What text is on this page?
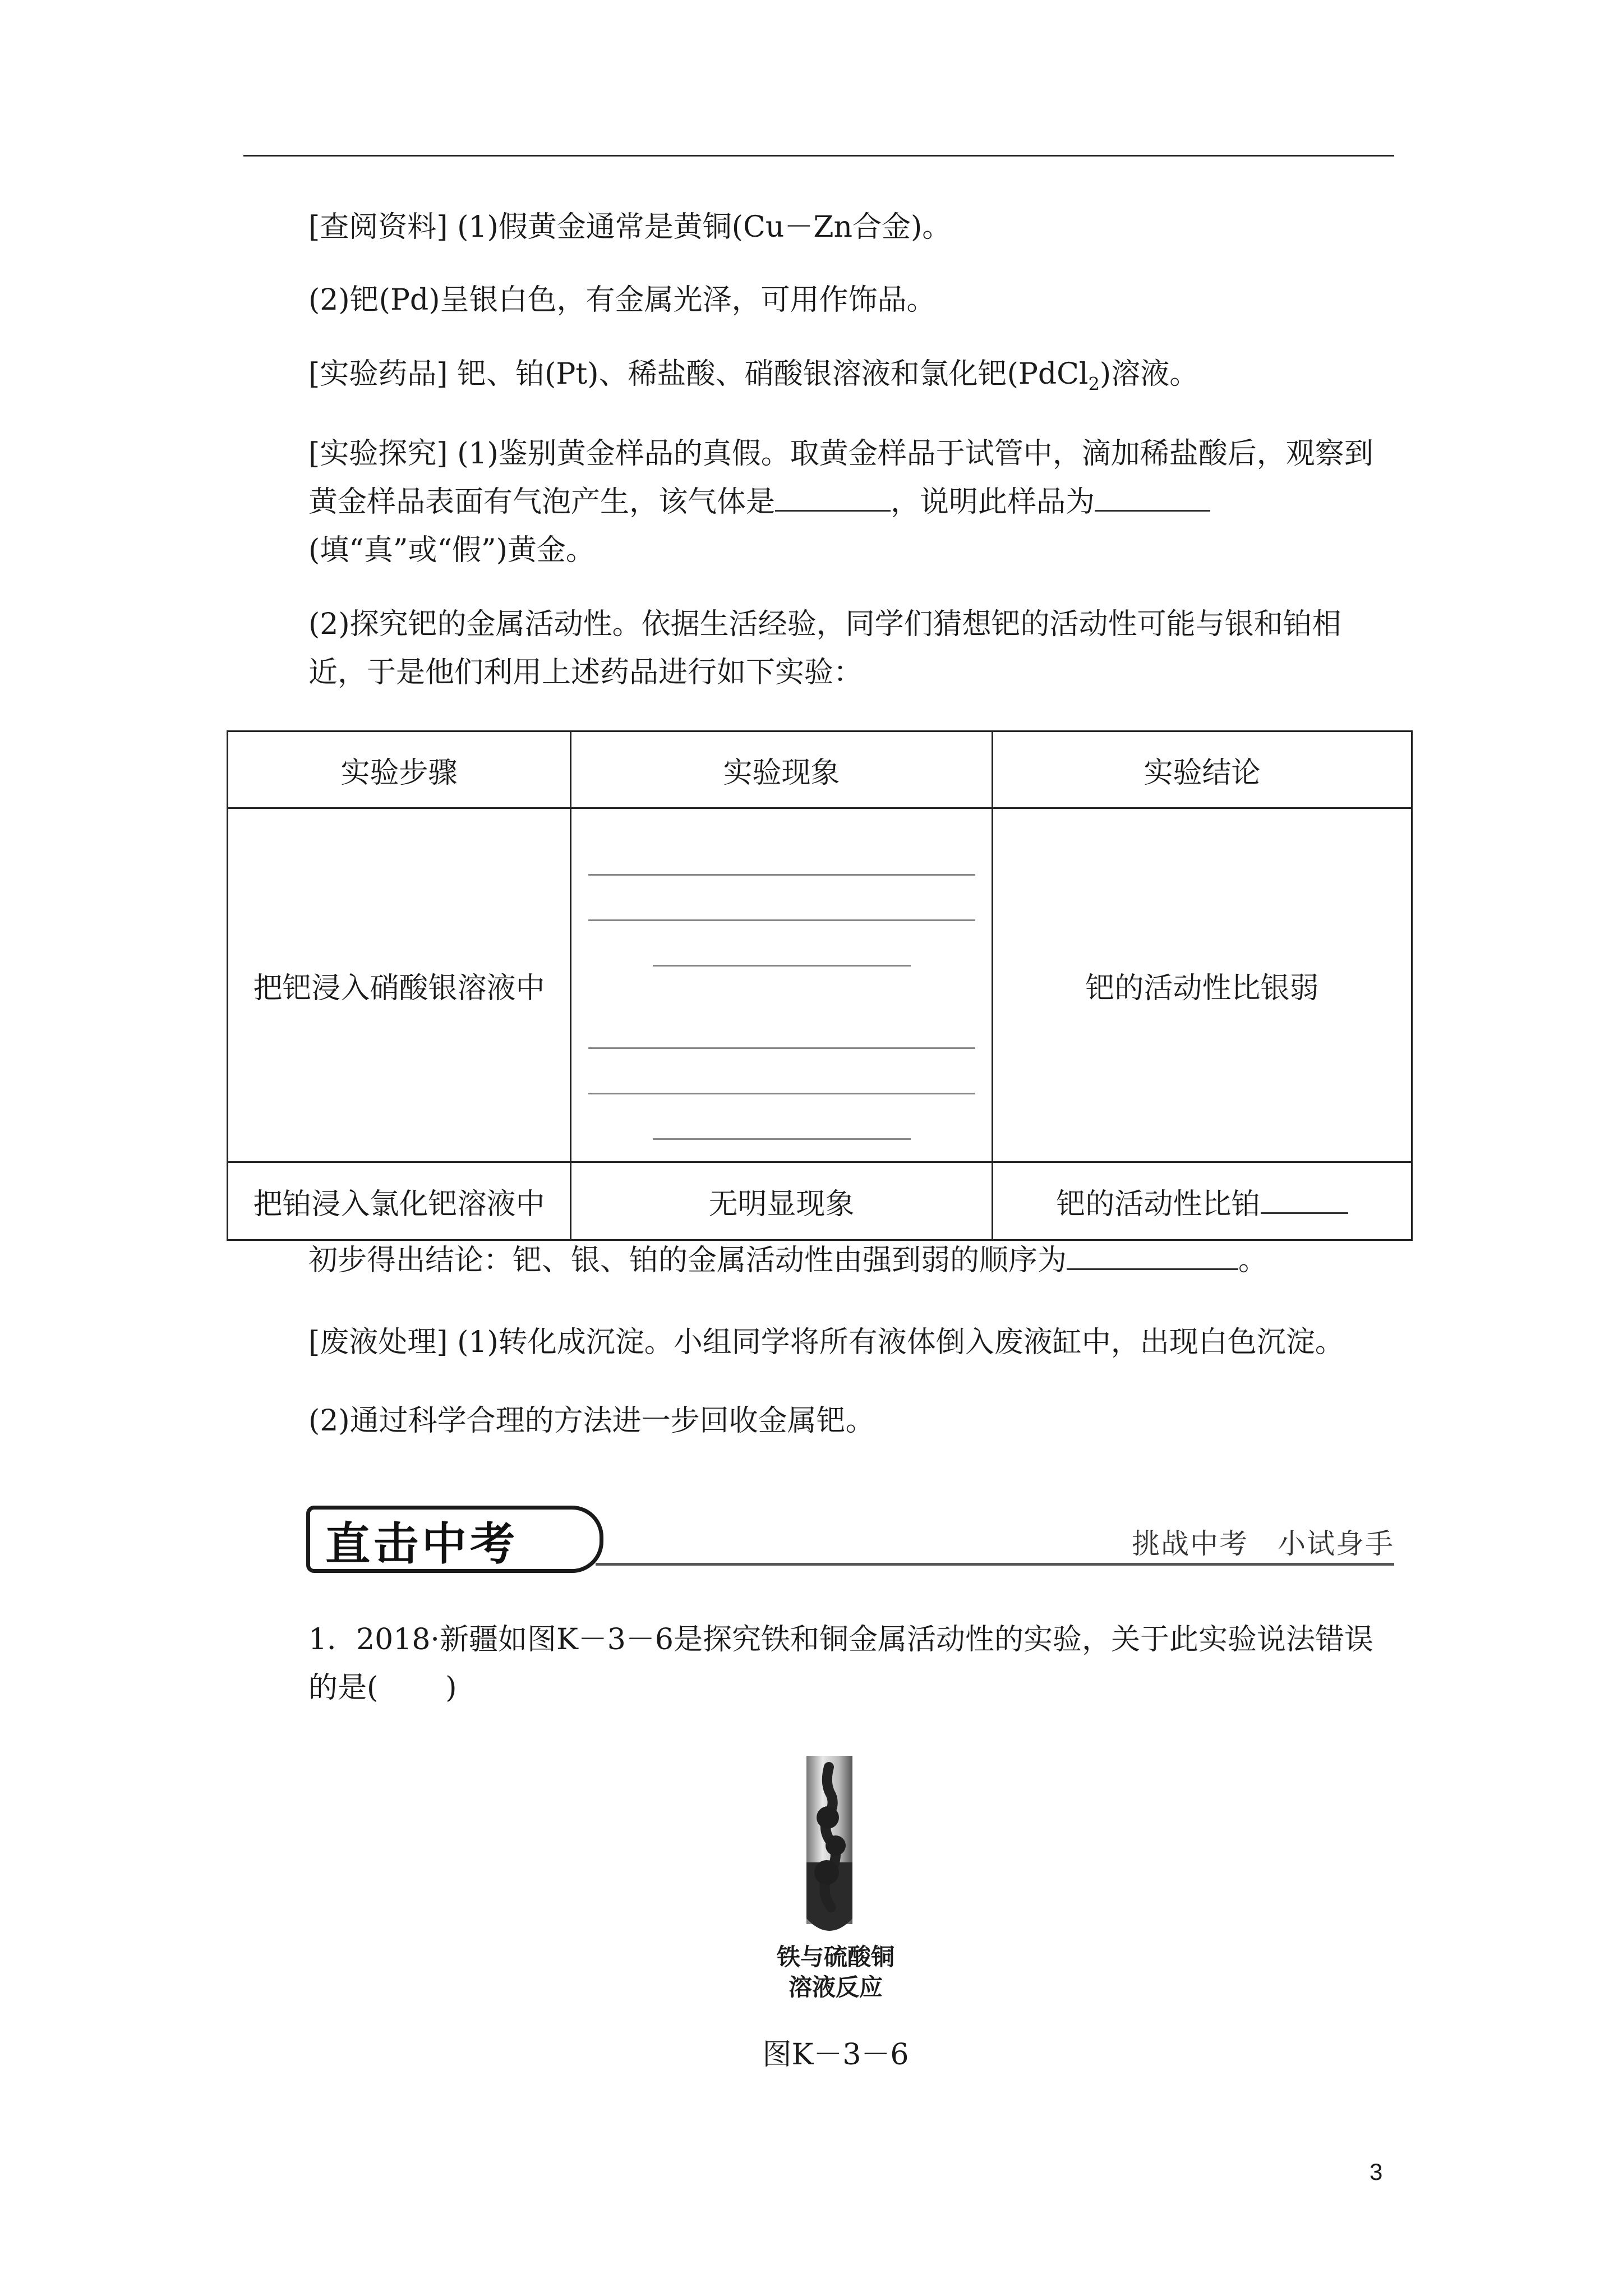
[查阅资料] (1)假黄金通常是黄铜(Cu－Zn合金)。
(2)钯(Pd)呈银白色，有金属光泽，可用作饰品。
[实验药品] 钯、铂(Pt)、稀盐酸、硝酸银溶液和氯化钯(PdCl$_2$)溶液。
[实验探究] (1)鉴别黄金样品的真假。取黄金样品于试管中，滴加稀盐酸后，观察到黄金样品表面有气泡产生，该气体是	，说明此样品为(填“真”或“假”)黄金。
(2)探究钯的金属活动性。依据生活经验，同学们猜想钯的活动性可能与银和铂相近，于是他们利用上述药品进行如下实验：
实验步骤	实验现象	实验结论
把钯浸入硝酸银溶液中		钯的活动性比银弱
把铂浸入氯化钯溶液中	无明显现象	钯的活动性比铂
初步得出结论：钯、银、铂的金属活动性由强到弱的顺序为	。
[废液处理] (1)转化成沉淀。小组同学将所有液体倒入废液缸中，出现白色沉淀。
(2)通过科学合理的方法进一步回收金属钯。
直击中考	挑战中考　小试身手
1．2018·新疆如图K－3－6是探究铁和铜金属活动性的实验，关于此实验说法错误的是( )
铁与硫酸铜
溶液反应
图K－3－6
3
